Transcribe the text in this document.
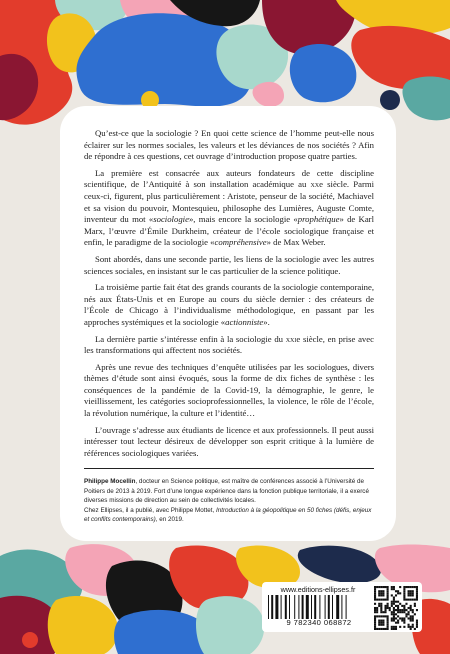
Qu’est-ce que la sociologie ? En quoi cette science de l’homme peut-elle nous éclairer sur les normes sociales, les valeurs et les déviances de nos sociétés ? Afin de répondre à ces questions, cet ouvrage d’introduction propose quatre parties.

La première est consacrée aux auteurs fondateurs de cette discipline scientifique, de l’Antiquité à son installation académique au xxe siècle. Parmi ceux-ci, figurent, plus particulièrement : Aristote, penseur de la société, Machiavel et sa vision du pouvoir, Montesquieu, philosophe des Lumières, Auguste Comte, inventeur du mot «sociologie», mais encore la sociologie «prophétique» de Karl Marx, l’œuvre d’Émile Durkheim, créateur de l’école sociologique française et enfin, le paradigme de la sociologie «compréhensive» de Max Weber.

Sont abordés, dans une seconde partie, les liens de la sociologie avec les autres sciences sociales, en insistant sur le cas particulier de la science politique.

La troisième partie fait état des grands courants de la sociologie contemporaine, nés aux États-Unis et en Europe au cours du siècle dernier : des créateurs de l’École de Chicago à l’individualisme méthodologique, en passant par les approches systémiques et la sociologie «actionniste».

La dernière partie s’intéresse enfin à la sociologie du xxie siècle, en prise avec les transformations qui affectent nos sociétés.

Après une revue des techniques d’enquête utilisées par les sociologues, divers thèmes d’étude sont ainsi évoqués, sous la forme de dix fiches de synthèse : les conséquences de la pandémie de la Covid-19, la démographie, le genre, le vieillissement, les catégories socioprofessionnelles, la violence, le rôle de l’école, la révolution numérique, la culture et l’identité…

L’ouvrage s’adresse aux étudiants de licence et aux professionnels. Il peut aussi intéresser tout lecteur désireux de développer son esprit critique à la lumière de références sociologiques variées.

Philippe Mocellin, docteur en Science politique, est maître de conférences associé à l’Université de Poitiers de 2013 à 2019. Fort d’une longue expérience dans la fonction publique territoriale, il a exercé diverses missions de direction au sein de collectivités locales.

Chez Ellipses, il a publié, avec Philippe Mottet, Introduction à la géopolitique en 50 fiches (défis, enjeux et conflits contemporains), en 2019.

www.editions-ellipses.fr
9 782340 068872
